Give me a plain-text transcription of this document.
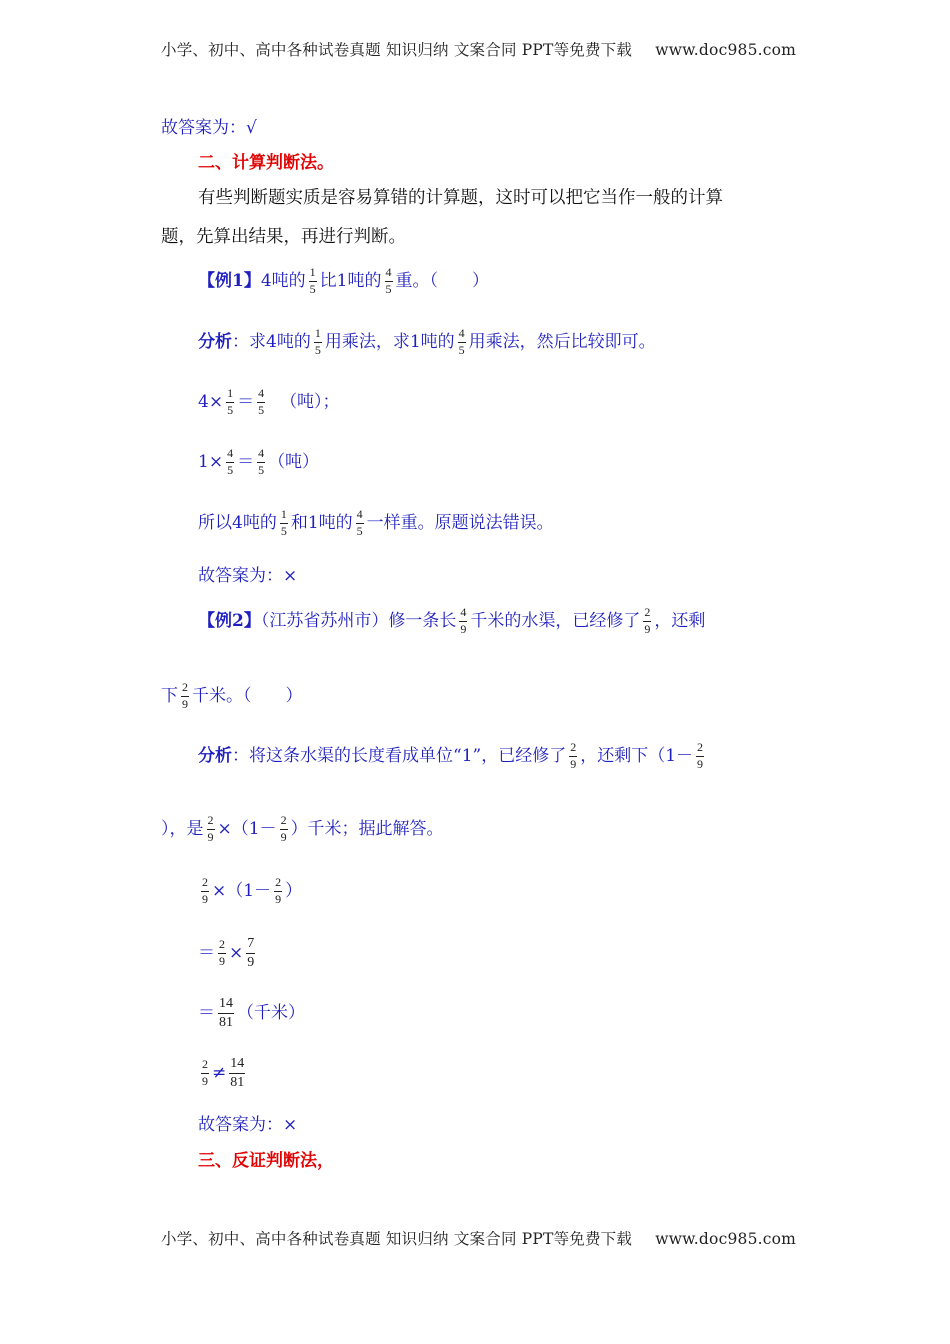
小学、初中、高中各种试卷真题 知识归纳 文案合同 PPT等免费下载 www.doc985.com
故答案为：√
二、计算判断法。
有些判断题实质是容易算错的计算题，这时可以把它当作一般的计算
题，先算出结果，再进行判断。
【例1】4吨的 $\frac{1}{5}$ 比1吨的 $\frac{4}{5}$ 重。（　　）
分析：求4吨的 $\frac{1}{5}$ 用乘法，求1吨的 $\frac{4}{5}$ 用乘法，然后比较即可。
$4\times \frac{1}{5} = \frac{4}{5}$ （吨）；
$1\times \frac{4}{5} = \frac{4}{5}$ （吨）
所以4吨的 $\frac{1}{5}$ 和1吨的 $\frac{4}{5}$ 一样重。原题说法错误。
故答案为：×
【例2】（江苏省苏州市）修一条长 $\frac{4}{9}$ 千米的水渠，已经修了 $\frac{2}{9}$ ，还剩
下 $\frac{2}{9}$ 千米。（　　）
分析：将这条水渠的长度看成单位“1”，已经修了 $\frac{2}{9}$ ，还剩下（$1- \frac{2}{9}$
），是 $\frac{2}{9} \times(1- \frac{2}{9}$ ）千米；据此解答。
$\frac{2}{9} \times(1- \frac{2}{9}$ ）
＝ $\frac{2}{9} \times \frac{7}{9}$
＝ $\frac{14}{81}$ （千米）
$\frac{2}{9} \ne \frac{14}{81}$
故答案为：×
三、反证判断法，
小学、初中、高中各种试卷真题 知识归纳 文案合同 PPT等免费下载 www.doc985.com
